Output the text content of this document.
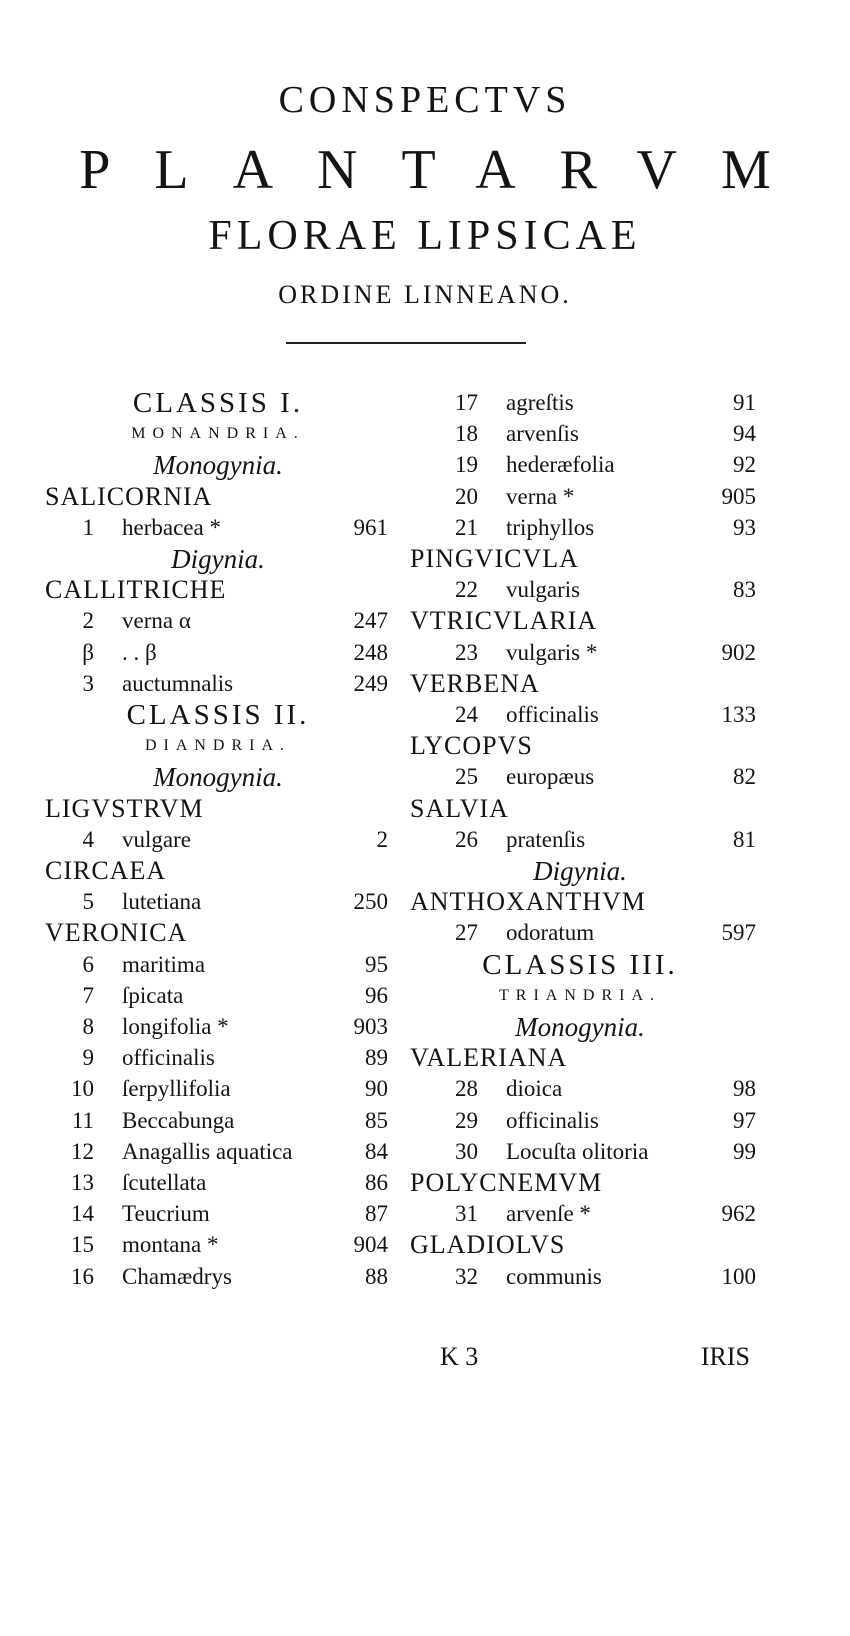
CONSPECTVS
PLANTARVM
FLORAE LIPSICAE
ORDINE LINNEANO.
CLASSIS I.
MONANDRIA.
Monogynia.
SALICORNIA
1 herbacea *	961
Digynia.
CALLITRICHE
2 verna α	247
β . . β	248
3 auctumnalis	249
CLASSIS II.
DIANDRIA.
Monogynia.
LIGVSTRVM
4 vulgare	2
CIRCAEA
5 lutetiana	250
VERONICA
6 maritima	95
7 ſpicata	96
8 longifolia *	903
9 officinalis	89
10 ſerpyllifolia	90
11 Beccabunga	85
12 Anagallis aquatica	84
13 ſcutellata	86
14 Teucrium	87
15 montana *	904
16 Chamædrys	88
17 agreſtis	91
18 arvenſis	94
19 hederæfolia	92
20 verna *	905
21 triphyllos	93
PINGVICVLA
22 vulgaris	83
VTRICVLARIA
23 vulgaris *	902
VERBENA
24 officinalis	133
LYCOPVS
25 europæus	82
SALVIA
26 pratenſis	81
Digynia.
ANTHOXANTHVM
27 odoratum	597
CLASSIS III.
TRIANDRIA.
Monogynia.
VALERIANA
28 dioica	98
29 officinalis	97
30 Locuſta olitoria	99
POLYCNEMVM
31 arvenſe *	962
GLADIOLVS
32 communis	100
K 3	IRIS
